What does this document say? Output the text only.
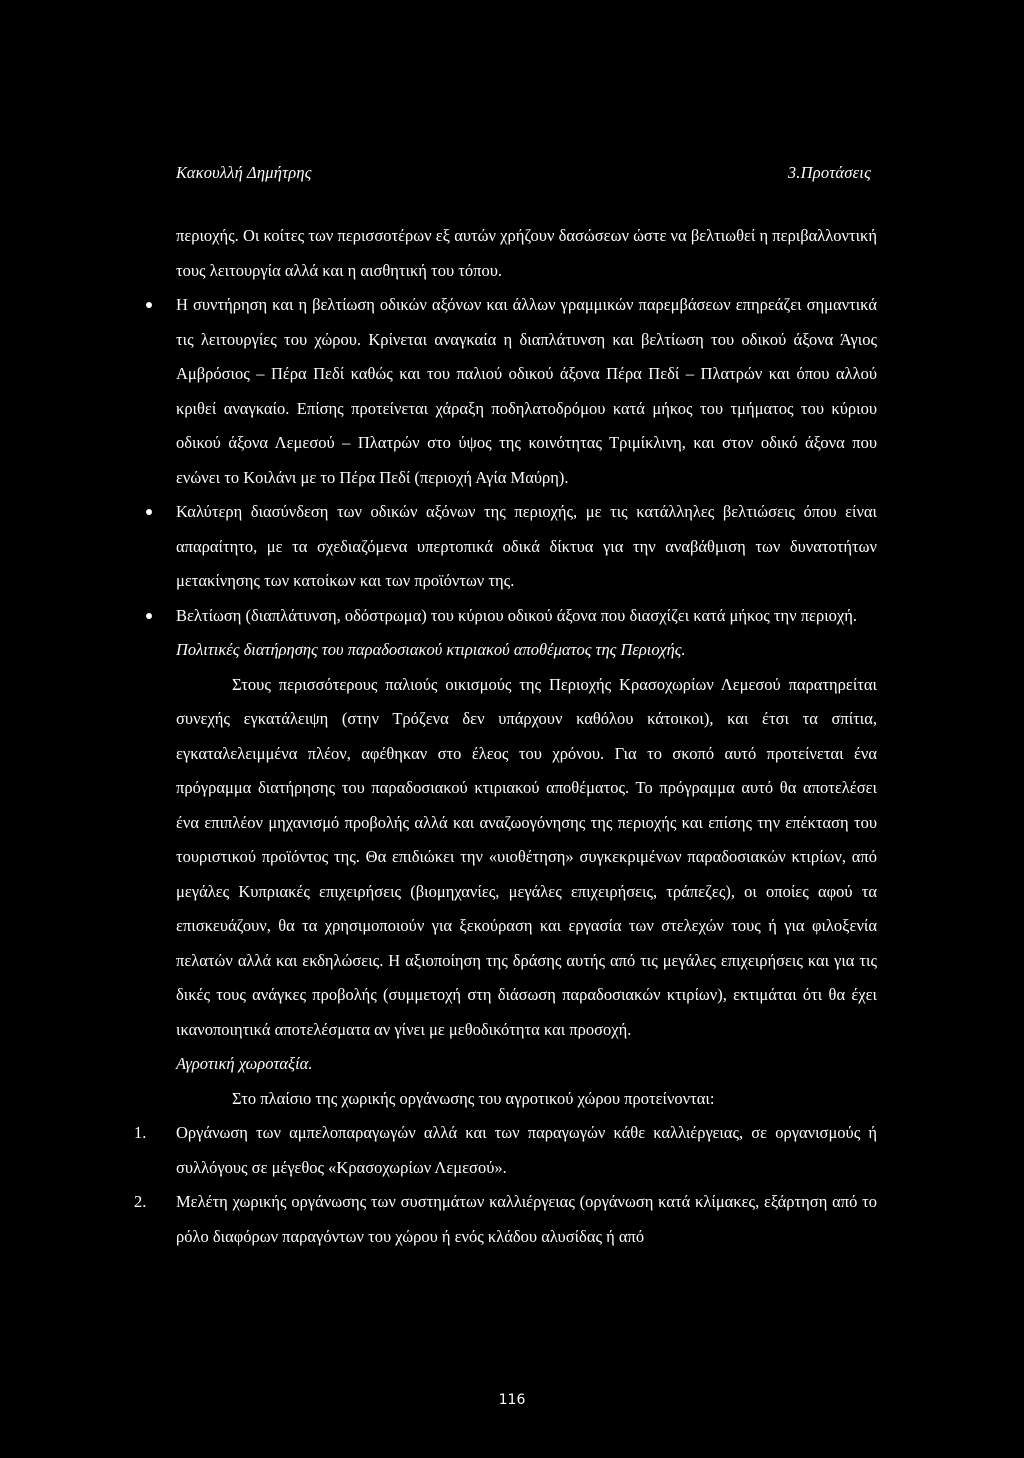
Κακουλλή Δημήτρης	3.Προτάσεις

περιοχής. Οι κοίτες των περισσοτέρων εξ αυτών χρήζουν δασώσεων ώστε να βελτιωθεί η περιβαλλοντική τους λειτουργία αλλά και η αισθητική του τόπου.

Η συντήρηση και η βελτίωση οδικών αξόνων και άλλων γραμμικών παρεμβάσεων επηρεάζει σημαντικά τις λειτουργίες του χώρου. Κρίνεται αναγκαία η διαπλάτυνση και βελτίωση του οδικού άξονα Άγιος Αμβρόσιος – Πέρα Πεδί καθώς και του παλιού οδικού άξονα Πέρα Πεδί – Πλατρών και όπου αλλού κριθεί αναγκαίο. Επίσης προτείνεται χάραξη ποδηλατοδρόμου κατά μήκος του τμήματος του κύριου οδικού άξονα Λεμεσού – Πλατρών στο ύψος της κοινότητας Τριμίκλινη, και στον οδικό άξονα που ενώνει το Κοιλάνι με το Πέρα Πεδί (περιοχή Αγία Μαύρη).

Καλύτερη διασύνδεση των οδικών αξόνων της περιοχής, με τις κατάλληλες βελτιώσεις όπου είναι απαραίτητο, με τα σχεδιαζόμενα υπερτοπικά οδικά δίκτυα για την αναβάθμιση των δυνατοτήτων μετακίνησης των κατοίκων και των προϊόντων της.

Βελτίωση (διαπλάτυνση, οδόστρωμα) του κύριου οδικού άξονα που διασχίζει κατά μήκος την περιοχή.

Πολιτικές διατήρησης του παραδοσιακού κτιριακού αποθέματος της Περιοχής.

Στους περισσότερους παλιούς οικισμούς της Περιοχής Κρασοχωρίων Λεμεσού παρατηρείται συνεχής εγκατάλειψη (στην Τρόζενα δεν υπάρχουν καθόλου κάτοικοι), και έτσι τα σπίτια, εγκαταλελειμμένα πλέον, αφέθηκαν στο έλεος του χρόνου. Για το σκοπό αυτό προτείνεται ένα πρόγραμμα διατήρησης του παραδοσιακού κτιριακού αποθέματος. Το πρόγραμμα αυτό θα αποτελέσει ένα επιπλέον μηχανισμό προβολής αλλά και αναζωογόνησης της περιοχής και επίσης την επέκταση του τουριστικού προϊόντος της. Θα επιδιώκει την «υιοθέτηση» συγκεκριμένων παραδοσιακών κτιρίων, από μεγάλες Κυπριακές επιχειρήσεις (βιομηχανίες, μεγάλες επιχειρήσεις, τράπεζες), οι οποίες αφού τα επισκευάζουν, θα τα χρησιμοποιούν για ξεκούραση και εργασία των στελεχών τους ή για φιλοξενία πελατών αλλά και εκδηλώσεις. Η αξιοποίηση της δράσης αυτής από τις μεγάλες επιχειρήσεις και για τις δικές τους ανάγκες προβολής (συμμετοχή στη διάσωση παραδοσιακών κτιρίων), εκτιμάται ότι θα έχει ικανοποιητικά αποτελέσματα αν γίνει με μεθοδικότητα και προσοχή.

Αγροτική χωροταξία.

Στο πλαίσιο της χωρικής οργάνωσης του αγροτικού χώρου προτείνονται:

1. Οργάνωση των αμπελοπαραγωγών αλλά και των παραγωγών κάθε καλλιέργειας, σε οργανισμούς ή συλλόγους σε μέγεθος «Κρασοχωρίων Λεμεσού».

2. Μελέτη χωρικής οργάνωσης των συστημάτων καλλιέργειας (οργάνωση κατά κλίμακες, εξάρτηση από το ρόλο διαφόρων παραγόντων του χώρου ή ενός κλάδου αλυσίδας ή από

116
